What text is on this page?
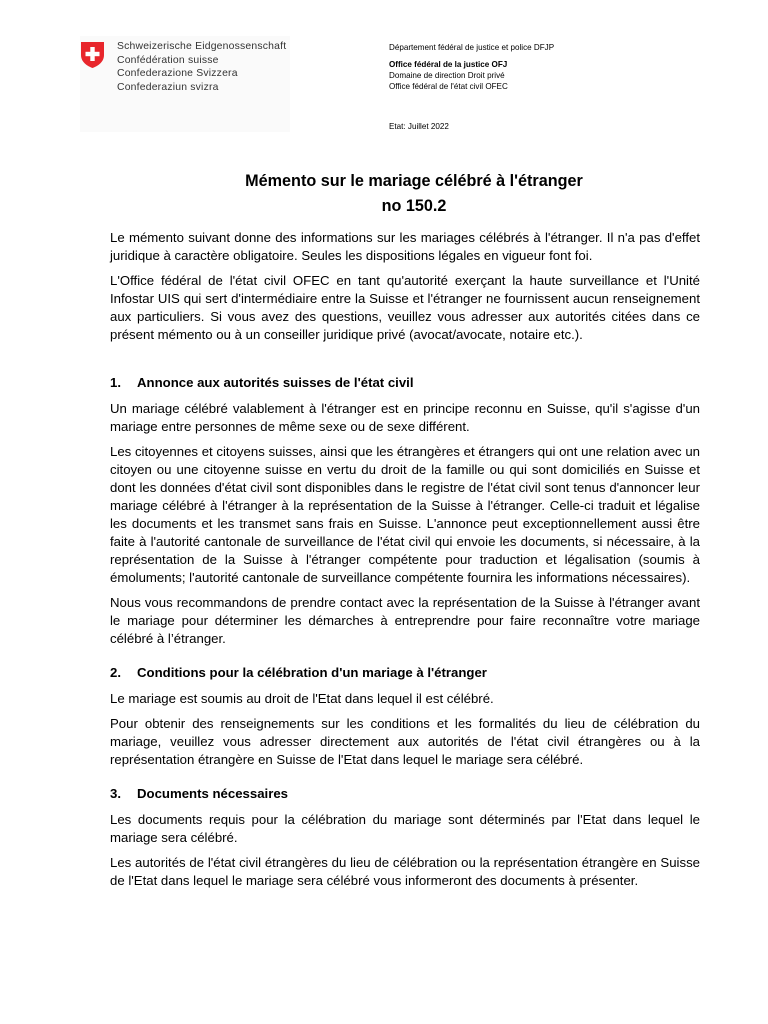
Schweizerische Eidgenossenschaft
Confédération suisse
Confederazione Svizzera
Confederaziun svizra
Département fédéral de justice et police DFJP
Office fédéral de la justice OFJ
Domaine de direction Droit privé
Office fédéral de l'état civil OFEC
Etat: Juillet 2022
Mémento sur le mariage célébré à l'étranger
no 150.2

Le mémento suivant donne des informations sur les mariages célébrés à l'étranger. Il n'a pas d'effet juridique à caractère obligatoire. Seules les dispositions légales en vigueur font foi.

L'Office fédéral de l'état civil OFEC en tant qu'autorité exerçant la haute surveillance et l'Unité Infostar UIS qui sert d'intermédiaire entre la Suisse et l'étranger ne fournissent aucun renseignement aux particuliers. Si vous avez des questions, veuillez vous adresser aux autorités citées dans ce présent mémento ou à un conseiller juridique privé (avocat/avocate, notaire etc.).

1.	Annonce aux autorités suisses de l'état civil

Un mariage célébré valablement à l'étranger est en principe reconnu en Suisse, qu'il s'agisse d'un mariage entre personnes de même sexe ou de sexe différent.

Les citoyennes et citoyens suisses, ainsi que les étrangères et étrangers qui ont une relation avec un citoyen ou une citoyenne suisse en vertu du droit de la famille ou qui sont domiciliés en Suisse et dont les données d'état civil sont disponibles dans le registre de l'état civil sont tenus d'annoncer leur mariage célébré à l'étranger à la représentation de la Suisse à l'étranger. Celle-ci traduit et légalise les documents et les transmet sans frais en Suisse. L'annonce peut exceptionnellement aussi être faite à l'autorité cantonale de surveillance de l'état civil qui envoie les documents, si nécessaire, à la représentation de la Suisse à l'étranger compétente pour traduction et légalisation (soumis à émoluments; l'autorité cantonale de surveillance compétente fournira les informations nécessaires).

Nous vous recommandons de prendre contact avec la représentation de la Suisse à l'étranger avant le mariage pour déterminer les démarches à entreprendre pour faire reconnaître votre mariage célébré à l’étranger.

2.	Conditions pour la célébration d'un mariage à l'étranger

Le mariage est soumis au droit de l'Etat dans lequel il est célébré.

Pour obtenir des renseignements sur les conditions et les formalités du lieu de célébration du mariage, veuillez vous adresser directement aux autorités de l'état civil étrangères ou à la représentation étrangère en Suisse de l'Etat dans lequel le mariage sera célébré.

3.	Documents nécessaires

Les documents requis pour la célébration du mariage sont déterminés par l'Etat dans lequel le mariage sera célébré.

Les autorités de l'état civil étrangères du lieu de célébration ou la représentation étrangère en Suisse de l'Etat dans lequel le mariage sera célébré vous informeront des documents à présenter.
